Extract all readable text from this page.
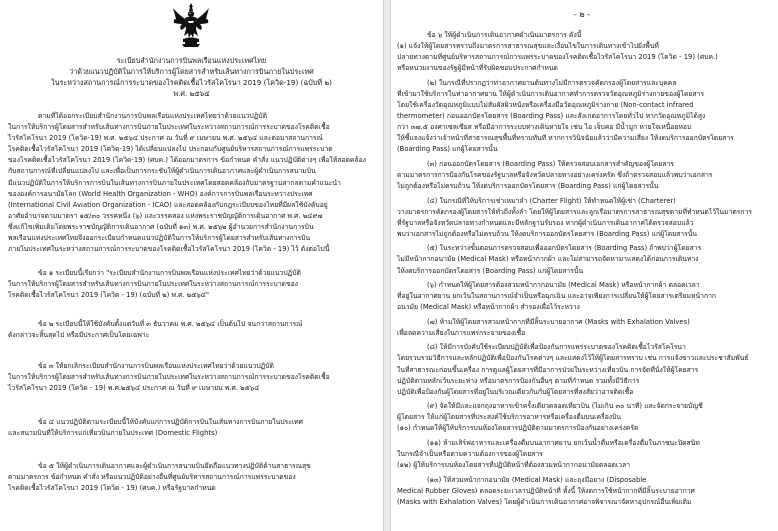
ระเบียบสำนักงานการบินพลเรือนแห่งประเทศไทย
ว่าด้วยแนวปฏิบัติในการให้บริการผู้โดยสารสำหรับเส้นทางการบินภายในประเทศ
ในระหว่างสถานการณ์การระบาดของโรคติดเชื้อไวรัสโคโรนา 2019 (โควิด-19) (ฉบับที่ ๒)
พ.ศ. ๒๕๖๔
ตามที่ได้ออกระเบียบสำนักงานการบินพลเรือนแห่งประเทศไทยว่าด้วยแนวปฏิบัติ
ในการให้บริการผู้โดยสารสำหรับเส้นทางการบินภายในประเทศในระหว่างสถานการณ์การระบาดของโรคติดเชื้อ
ไวรัสโคโรนา 2019 (โควิด-19) พ.ศ. ๒๕๖๔ ประกาศ ณ วันที่ ๙ เมษายน พ.ศ. ๒๕๖๔ และต่อมาสถานการณ์
โรคติดเชื้อไวรัสโคโรนา 2019 (โควิด-19) ได้เปลี่ยนแปลงไป ประกอบกับศูนย์บริหารสถานการณ์การแพร่ระบาด
ของโรคติดเชื้อไวรัสโคโรนา 2019 (โควิด-19) (ศบค.) ได้ออกมาตรการ ข้อกำหนด คำสั่ง แนวปฏิบัติต่างๆ เพื่อให้สอดคล้อง
กับสถานการณ์ที่เปลี่ยนแปลงไป และเพื่อเป็นการกระชับให้ผู้ดำเนินการเดินอากาศและผู้ดำเนินการสนามบิน
มีแนวปฏิบัติในการให้บริการการบินในเส้นทางการบินภายในประเทศโดยสอดคล้องกับมาตรฐานสากลตามคำแนะนำ
ขององค์การอนามัยโลก (World Health Organization - WHO) องค์การการบินพลเรือนระหว่างประเทศ
(International Civil Aviation Organization - ICAO) และสอดคล้องกับกฎระเบียบของไทยที่มีผลใช้บังคับอยู่
อาศัยอำนาจตามมาตรา ๑๕/๓๐ วรรคหนึ่ง (๖) และวรรคสอง แห่งพระราชบัญญัติการเดินอากาศ พ.ศ. ๒๔๙๗
ซึ่งแก้ไขเพิ่มเติมโดยพระราชบัญญัติการเดินอากาศ (ฉบับที่ ๑๓) พ.ศ. ๒๕๖๒ ผู้อำนวยการสำนักงานการบิน
พลเรือนแห่งประเทศไทยจึงออกระเบียบกำหนดแนวปฏิบัติในการให้บริการผู้โดยสารสำหรับเส้นทางการบิน
ภายในประเทศในระหว่างสถานการณ์การระบาดของโรคติดเชื้อไวรัสโคโรนา 2019 (โควิด - 19) ไว้ ดังต่อไปนี้
ข้อ ๑ ระเบียบนี้เรียกว่า "ระเบียบสำนักงานการบินพลเรือนแห่งประเทศไทยว่าด้วยแนวปฏิบัติ
ในการให้บริการผู้โดยสารสำหรับเส้นทางการบินภายในประเทศในระหว่างสถานการณ์การระบาดของ
โรคติดเชื้อไวรัสโคโรนา 2019 (โควิด - 19) (ฉบับที่ ๒) พ.ศ. ๒๕๖๔"
ข้อ ๒ ระเบียบนี้ให้ใช้บังคับตั้งแต่วันที่ ๓ ธันวาคม พ.ศ. ๒๕๖๔ เป็นต้นไป จนกว่าสถานการณ์
ดังกล่าวจะสิ้นสุดไป หรือมีประกาศเป็นโดยเฉพาะ
ข้อ ๓ ให้ยกเลิกระเบียบสำนักงานการบินพลเรือนแห่งประเทศไทยว่าด้วยแนวปฏิบัติ
ในการให้บริการผู้โดยสารสำหรับเส้นทางการบินภายในประเทศในระหว่างสถานการณ์การระบาดของโรคติดเชื้อ
ไวรัสโคโรนา 2019 (โควิด - 19) พ.ศ.๒๕๖๔ ประกาศ ณ วันที่ ๙ เมษายน พ.ศ. ๒๕๖๔
ข้อ ๔ แนวปฏิบัติตามระเบียบนี้ให้บังคับแก่การปฏิบัติการบินในเส้นทางการบินภายในประเทศ
และสนามบินที่ให้บริการแก่เที่ยวบินภายในประเทศ (Domestic Flights)
ข้อ ๕ ให้ผู้ดำเนินการเดินอากาศและผู้ดำเนินการสนามบินยึดถือแนวทางปฏิบัติด้านสาธารณสุข
ตามมาตรการ ข้อกำหนด คำสั่ง หรือแนวปฏิบัติอย่างอื่นที่ศูนย์บริหารสถานการณ์การแพร่ระบาดของ
โรคติดเชื้อไวรัสโคโรนา 2019 (โควิด - 19) (ศบค.) หรือรัฐบาลกำหนด
- ๒ -
ข้อ ๖ ให้ผู้ดำเนินการเดินอากาศดำเนินมาตรการ ดังนี้
(๑) แจ้งให้ผู้โดยสารทราบถึงมาตรการสาธารณสุขและเงื่อนไขในการเดินทางเข้าไปยังพื้นที่
ปลายทางตามที่ศูนย์บริหารสถานการณ์การแพร่ระบาดของโรคติดเชื้อไวรัสโคโรนา 2019 (โควิด - 19) (ศบค.)
หรือหน่วยงานของรัฐผู้มีหน้าที่รับผิดชอบประกาศกำหนด
(๒) ในกรณีที่ปรากฏว่าท่าอากาศยานต้นทางไม่มีการตรวจคัดกรองผู้โดยสารและบุคคล
ที่เข้ามาใช้บริการในท่าอากาศยาน ให้ผู้ดำเนินการเดินอากาศทำการตรวจวัดอุณหภูมิร่างกายของผู้โดยสาร
โดยใช้เครื่องวัดอุณหภูมิแบบไม่สัมผัสผิวหนังหรือเครื่องมือวัดอุณหภูมิร่างกาย (Non-contact infrared
thermometer) ก่อนออกบัตรโดยสาร (Boarding Pass) และสังเกตอาการโดยทั่วไป หากวัดอุณหภูมิได้สูง
กว่า ๓๗.๕ องศาเซลเซียส หรือมีอาการระบบทางเดินหายใจ เช่น ไอ เจ็บคอ มีน้ำมูก หายใจเหนื่อยหอบ
ให้ชี้แจงแจ้งว่าเจ้าหน้าที่สาธารณสุขพื้นที่ทราบทันที หากการวินิจฉัยแล้วว่ามีความเสี่ยง ให้งดบริการออกบัตรโดยสาร
(Boarding Pass) แก่ผู้โดยสารนั้น
(๓) ก่อนออกบัตรโดยสาร (Boarding Pass) ให้ตรวจสอบเอกสารสำคัญของผู้โดยสาร
ตามมาตรการการป้องกันโรคของรัฐบาลหรือจังหวัดปลายทางอย่างเคร่งครัด ซึ่งถ้าตรวจสอบแล้วพบว่าเอกสาร
ไม่ถูกต้องหรือไม่ครบถ้วน ให้งดบริการออกบัตรโดยสาร (Boarding Pass) แก่ผู้โดยสารนั้น
(๔) ในกรณีที่ให้บริการเช่าเหมาลำ (Charter Flight) ให้ทำหนดให้ผู้เช่า (Charterer)
วางมาตรการคัดกรองผู้โดยสารให้ทั่วถึงทั้งลำ โดยให้ผู้โดยสารและลูกเรือมาตรการสาธารณสุขตามที่ทำหนดไว้ในมาตรการ
ที่รัฐบาลหรือจังหวัดปลายทางกำหนดและมีหลักฐานรับรอง หากผู้ดำเนินการเดินอากาศได้ตรวจสอบแล้ว
พบว่าเอกสารไม่ถูกต้องหรือไม่ครบถ้วน ให้งดบริการออกบัตรโดยสาร (Boarding Pass) แก่ผู้โดยสารนั้น
(๕) ในระหว่างขั้นตอนการตรวจสอบเพื่อออกบัตรโดยสาร (Boarding Pass) ถ้าพบว่าผู้โดยสาร
ไม่มีหน้ากากอนามัย (Medical Mask) หรือหน้ากากผ้า และไม่สามารถจัดหามาแสดงได้ก่อนการเดินทาง
ให้งดบริการออกบัตรโดยสาร (Boarding Pass) แก่ผู้โดยสารนั้น
(๖) กำหนดให้ผู้โดยสารต้องสวมหน้ากากอนามัย (Medical Mask) หรือหน้ากากผ้า ตลอดเวลา
ที่อยู่ในอากาศยาน ยกเว้นในสถานการณ์จำเป็นหรือฉุกเฉิน และอาจเพียงการเปลี่ยนให้ผู้โดยสารเตรียมหน้ากาก
อนามัย (Medical Mask) หรือหน้ากากผ้า สำรองเผื่อไว้ระหว่าง
(๗) ห้ามให้ผู้โดยสารสวมหน้ากากที่มีลิ้นระบายอากาศ (Masks with Exhalation Valves)
เพื่อลดความเสี่ยงในการแพร่กระจายของเชื้อ
(๘) ให้มีการบังคับใช้ระเบียบปฏิบัติเพื่อป้องกันการแพร่ระบาดของโรคติดเชื้อไวรัสโคโรนา
โดยรวบรวมวิธีการและหลักปฏิบัติเพื่อป้องกันโรคต่างๆ และแสดงไว้ให้ผู้โดยสารทราบ เช่น การแจ้งข่าวและประชาสัมพันธ์
ในที่สาธารณะก่อนขึ้นเครื่อง การดูแลผู้โดยสารที่มีอาการป่วยในระหว่างเที่ยวบิน การจัดที่นั่งให้ผู้โดยสาร
ปฏิบัติตามหลักเว้นระยะห่าง หรือมาตรการป้องกันอื่นๆ ตามที่กำหนด รวมทั้งมีวิธีการ
ปฏิบัติเพื่อป้องกันผู้โดยสารที่อยู่ในบริเวณเดียวกันกับผู้โดยสารที่สงสัยว่าอาจติดเชื้อ
(๙) จัดให้มีและแจกถุงอาหารเข้าครั้งเดียวตลอดเที่ยวบิน (ไม่เกิน ๓๐ นาที) และจัดกระจายบัญชี
ผู้โดยสาร ให้แก่ผู้โดยสารที่ประสงค์ใช้บริการอาหารหรือเครื่องดื่มบนเครื่องบิน
(๑๐) กำหนดให้ผู้ให้บริการบนห้องโดยสารปฏิบัติตามมาตรการป้องกันอย่างเคร่งครัด
(๑๑) ห้ามเสิร์ฟอาหารและเครื่องดื่มบนอากาศยาน ยกเว้นน้ำดื่มหรือเครื่องดื่มในภาชนะปิดสนิท
ในกรณีจำเป็นหรือตามความต้องการของผู้โดยสาร
(๑๒) ผู้ให้บริการบนห้องโดยสารที่ปฏิบัติหน้าที่ต้องสวมหน้ากากอนามัยตลอดเวลา
(๑๓) ให้สวมหน้ากากอนามัย (Medical Mask) และถุงมือยาง (Disposable
Medical Rubber Gloves) ตลอดระยะเวลาปฏิบัติหน้าที่ ทั้งนี้ ให้งดการใช้หน้ากากที่มีลิ้นระบายอากาศ
(Masks with Exhalation Valves) โดยผู้ดำเนินการเดินอากาศอาจพิจารณาจัดหาอุปกรณ์อื่นเพิ่มเติม
